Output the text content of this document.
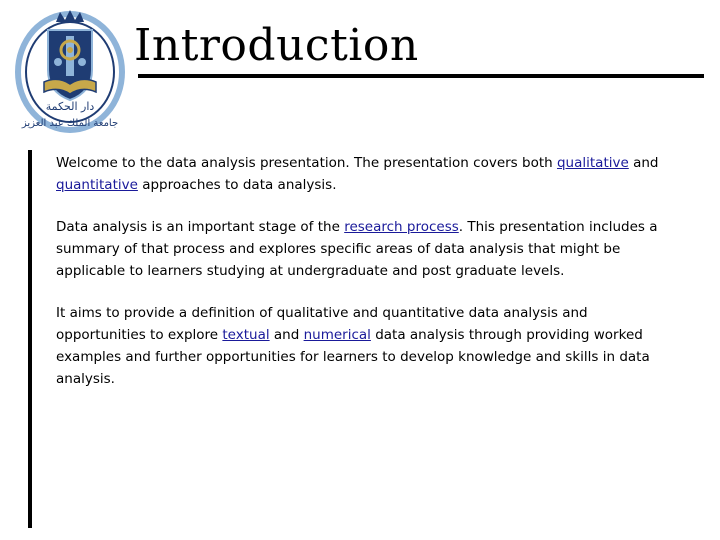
دار الحكمة
جامعة الملك عبد العزيز
Introduction

Welcome to the data analysis presentation. The presentation covers both qualitative and quantitative approaches to data analysis.

Data analysis is an important stage of the research process. This presentation includes a summary of that process and explores specific areas of data analysis that might be applicable to learners studying at undergraduate and post graduate levels.

It aims to provide a definition of qualitative and quantitative data analysis and opportunities to explore textual and numerical data analysis through providing worked examples and further opportunities for learners to develop knowledge and skills in data analysis.
